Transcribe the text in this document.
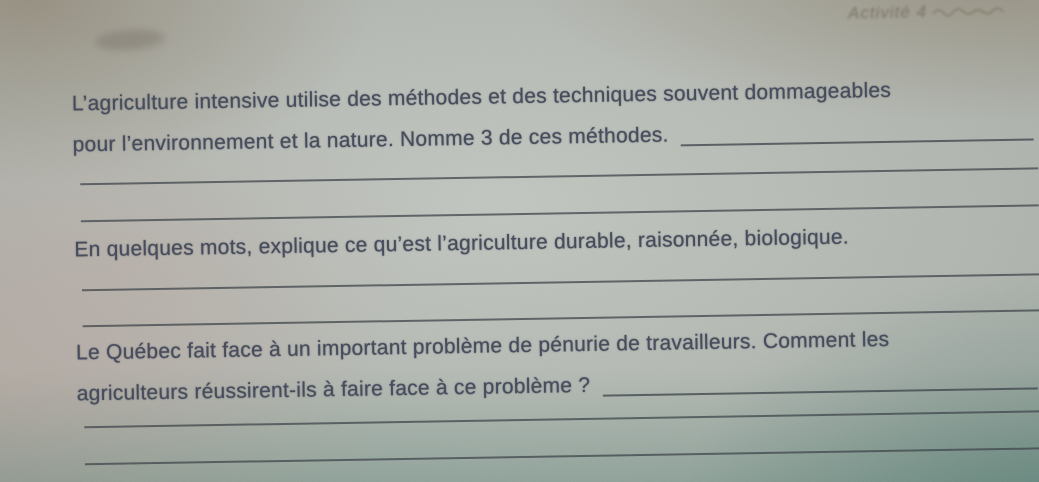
Activité 4
L’agriculture intensive utilise des méthodes et des techniques souvent dommageables
pour l’environnement et la nature. Nomme 3 de ces méthodes.
En quelques mots, explique ce qu’est l’agriculture durable, raisonnée, biologique.
Le Québec fait face à un important problème de pénurie de travailleurs. Comment les
agriculteurs réussirent-ils à faire face à ce problème ?
